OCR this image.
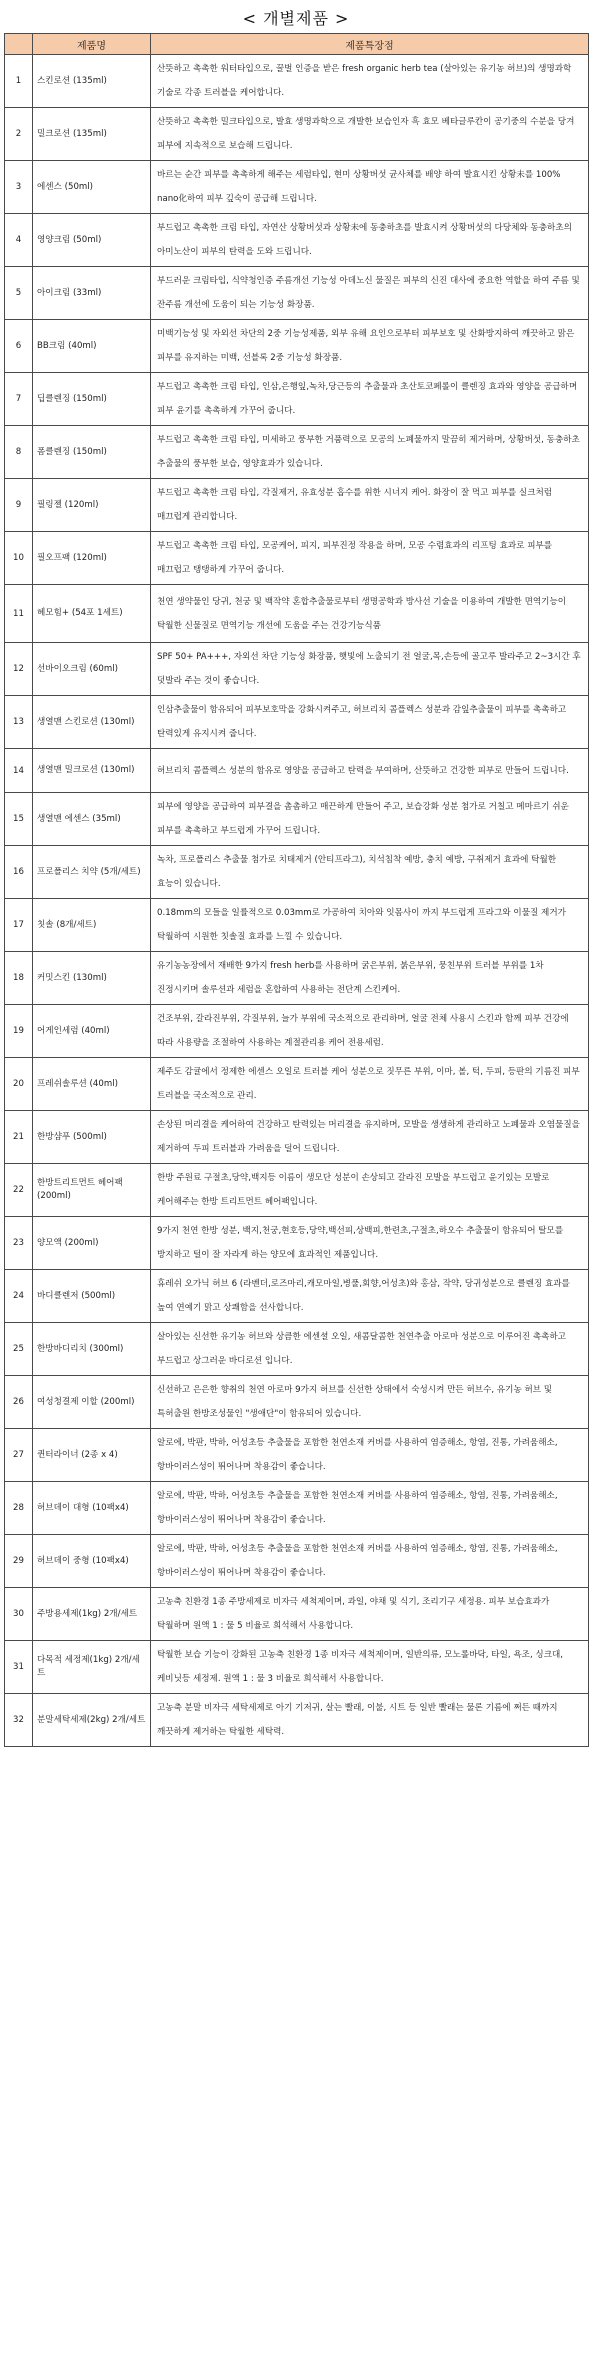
< 개별제품 >
	제품명	제품특장점
1	스킨로션 (135ml)	산뜻하고 촉촉한 워터타입으로, 꿀벌 인증을 받은 fresh organic herb tea (살아있는 유기농 허브)의 생명과학 기술로 각종 트러블을 케어합니다.
2	밀크로션 (135ml)	산뜻하고 촉촉한 밀크타입으로, 발효 생명과학으로 개발한 보습인자 흑 효모 베타글루칸이 공기중의 수분을 당겨 피부에 지속적으로 보습해 드립니다.
3	에센스 (50ml)	바르는 순간 피부를 촉촉하게 해주는 세럼타입, 현미 상황버섯 균사체를 배양 하여 발효시킨 상황未를 100% nano化하여 피부 깊숙이 공급해 드립니다.
4	영양크림 (50ml)	부드럽고 촉촉한 크림 타입, 자연산 상황버섯과 상황未에 동충하초를 발효시켜 상황버섯의 다당체와 동충하초의 아미노산이 피부의 탄력을 도와 드립니다.
5	아이크림 (33ml)	부드러운 크림타입, 식약청인증 주름개선 기능성 아데노신 물질은 피부의 신진 대사에 중요한 역할을 하여 주름 및 잔주름 개선에 도움이 되는 기능성 화장품.
6	BB크림 (40ml)	미백기능성 및 자외선 차단의 2중 기능성제품, 외부 유해 요인으로부터 피부보호 및 산화방지하여 깨끗하고 맑은 피부를 유지하는 미백, 선블록 2중 기능성 화장품.
7	딥클렌징 (150ml)	부드럽고 촉촉한 크림 타입, 인삼,은행잎,녹차,당근등의 추출물과 초산토코페롤이 클렌징 효과와 영양을 공급하며 피부 윤기를 촉촉하게 가꾸어 줍니다.
8	폼클렌징 (150ml)	부드럽고 촉촉한 크림 타입, 미세하고 풍부한 거품력으로 모공의 노폐물까지 말끔히 제거하며, 상황버섯, 동충하초 추출물의 풍부한 보습, 영양효과가 있습니다.
9	필링젤 (120ml)	부드럽고 촉촉한 크림 타입, 각질제거, 유효성분 흡수를 위한 시너지 케어. 화장이 잘 먹고 피부를 실크처럼 매끄럽게 관리합니다.
10	필오프팩 (120ml)	부드럽고 촉촉한 크림 타입, 모공케어, 피지, 피부진정 작용을 하며, 모공 수렴효과의 리프팅 효과로 피부를 매끄럽고 탱탱하게 가꾸어 줍니다.
11	헤모힘+ (54포 1세트)	천연 생약물인 당귀, 천궁 및 백작약 혼합추출물로부터 생명공학과 방사선 기술을 이용하여 개발한 면역기능이 탁월한 신물질로 면역기능 개선에 도움을 주는 건강기능식품
12	선바이오크림 (60ml)	SPF 50+ PA+++, 자외선 차단 기능성 화장품, 햇빛에 노출되기 전 얼굴,목,손등에 골고루 발라주고 2~3시간 후 덧발라 주는 것이 좋습니다.
13	생열맨 스킨로션 (130ml)	인삼추출물이 함유되어 피부보호막을 강화시켜주고, 허브리치 콤플렉스 성분과 감잎추출물이 피부를 촉촉하고 탄력있게 유지시켜 줍니다.
14	생열맨 밀크로션 (130ml)	허브리치 콤플렉스 성분의 함유로 영양을 공급하고 탄력을 부여하며, 산뜻하고 건강한 피부로 만들어 드립니다.
15	생열맨 에센스 (35ml)	피부에 영양을 공급하여 피부결을 촘촘하고 매끈하게 만들어 주고, 보습강화 성분 첨가로 거칠고 메마르기 쉬운 피부를 촉촉하고 부드럽게 가꾸어 드립니다.
16	프로폴리스 치약 (5개/세트)	녹차, 프로폴리스 추출물 첨가로 치태제거 (안티프라그), 치석침착 예방, 충치 예방, 구취제거 효과에 탁월한 효능이 있습니다.
17	칫솔 (8개/세트)	0.18mm의 모들을 일률적으로 0.03mm로 가공하여 치아와 잇몸사이 까지 부드럽게 프라그와 이물질 제거가 탁월하여 시원한 칫솔질 효과를 느낄 수 있습니다.
18	커밋스킨 (130ml)	유기농농장에서 재배한 9가지 fresh herb를 사용하며 굵은부위, 붉은부위, 뭉친부위 트러블 부위를 1차 진정시키며 솔루션과 세럼을 혼합하여 사용하는 전단계 스킨케어.
19	어게인세럼 (40ml)	건조부위, 갈라진부위, 각질부위, 늘가 부위에 국소적으로 관리하며, 얼굴 전체 사용시 스킨과 함께 피부 건강에 따라 사용량을 조절하여 사용하는 계절관리용 케어 전용세럼.
20	프레쉬솔루션 (40ml)	제주도 감귤에서 정제한 에센스 오일로 트러블 케어 성분으로 짓무른 부위, 이마, 볼, 턱, 두피, 등판의 기름진 피부 트러블을 국소적으로 관리.
21	한방샴푸 (500ml)	손상된 머리결을 케어하여 건강하고 탄력있는 머리결을 유지하며, 모발을 생생하게 관리하고 노폐물과 오염물질을 제거하여 두피 트러블과 가려움을 덜어 드립니다.
22	한방트리트먼트 헤어팩 (200ml)	한방 주원료 구절초,당약,백지등 이름이 생모단 성분이 손상되고 갈라진 모발을 부드럽고 윤기있는 모발로 케어해주는 한방 트리트먼트 헤어팩입니다.
23	양모액 (200ml)	9가지 천연 한방 성분, 백지,천궁,현호등,당약,백선피,상백피,한련초,구절초,하오수 추출물이 함유되어 탈모를 방지하고 털이 잘 자라게 하는 양모에 효과적인 제품입니다.
24	바디클렌저 (500ml)	휴레쉬 오가닉 허브 6 (라벤더,로즈마리,캐모마일,병풀,회향,어성초)와 홍삼, 작약, 당귀성분으로 클렌징 효과를 높여 연예기 맑고 상쾌함을 선사합니다.
25	한방바디리치 (300ml)	살아있는 신선한 유기농 허브와 상큼한 에센셜 오일, 새콤달콤한 천연추출 아로마 성분으로 이루어진 촉촉하고 부드럽고 상그러운 바디로션 입니다.
26	여성청결제 이할 (200ml)	신선하고 은은한 향취의 천연 아로마 9가지 허브를 신선한 상태에서 숙성시켜 만든 허브수, 유기농 허브 및 특허출원 한방조성물인 "생애단"이 함유되어 있습니다.
27	퀸터라이너 (2종 x 4)	알로에, 박판, 박하, 어성초등 추출물을 포함한 천연소재 커버를 사용하여 염증해소, 항염, 진통, 가려움해소, 항바이러스성이 뛰어나며 착용감이 좋습니다.
28	허브데이 대형 (10팩x4)	알로에, 박판, 박하, 어성초등 추출물을 포함한 천연소재 커버를 사용하여 염증해소, 항염, 진통, 가려움해소, 항바이러스성이 뛰어나며 착용감이 좋습니다.
29	허브데이 중형 (10팩x4)	알로에, 박판, 박하, 어성초등 추출물을 포함한 천연소재 커버를 사용하여 염증해소, 항염, 진통, 가려움해소, 항바이러스성이 뛰어나며 착용감이 좋습니다.
30	주방용세제(1kg) 2개/세트	고농축 친환경 1종 주방세제로 비자극 세척제이며, 과일, 야채 및 식기, 조리기구 세정용. 피부 보습효과가 탁월하며 원액 1 : 물 5 비율로 희석해서 사용합니다.
31	다목적 세정제(1kg) 2개/세트	탁월한 보습 기능이 강화된 고농축 친환경 1종 비자극 세척제이며, 일반의류, 모노롤바닥, 타일, 욕조, 싱크대,케비닛등 세정제. 원액 1 : 물 3 비율로 희석해서 사용합니다.
32	분말세탁세제(2kg) 2개/세트	고농축 분말 비자극 세탁세제로 아기 기저귀, 살는 빨래, 이불, 시트 등 일반 빨래는 물론 기름에 쩌든 때까지 깨끗하게 제거하는 탁월한 세탁력.
